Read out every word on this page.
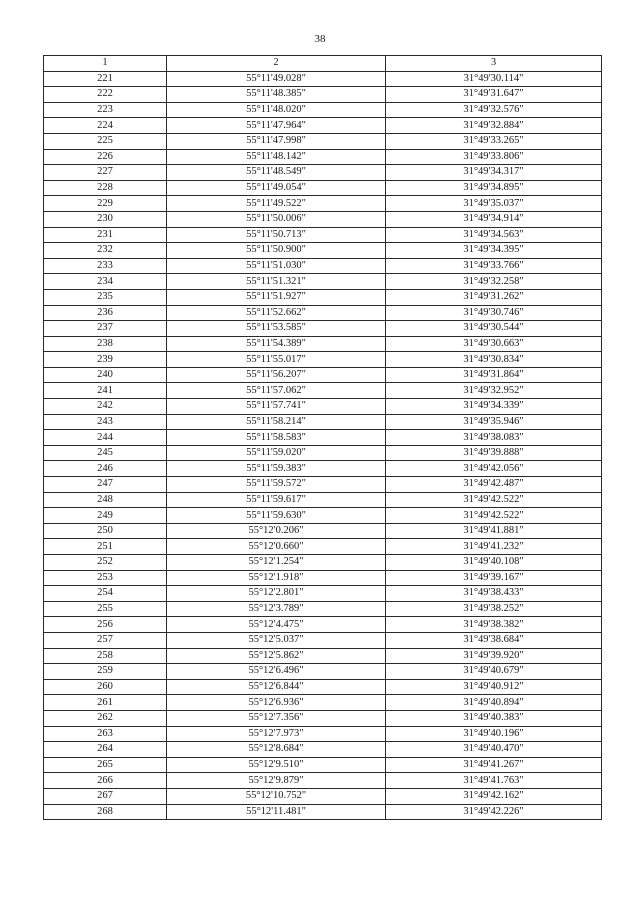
38
1	2	3
221	55°11'49.028"	31°49'30.114"
222	55°11'48.385"	31°49'31.647"
223	55°11'48.020"	31°49'32.576"
224	55°11'47.964"	31°49'32.884"
225	55°11'47.998"	31°49'33.265"
226	55°11'48.142"	31°49'33.806"
227	55°11'48.549"	31°49'34.317"
228	55°11'49.054"	31°49'34.895"
229	55°11'49.522"	31°49'35.037"
230	55°11'50.006"	31°49'34.914"
231	55°11'50.713"	31°49'34.563"
232	55°11'50.900"	31°49'34.395"
233	55°11'51.030"	31°49'33.766"
234	55°11'51.321"	31°49'32.258"
235	55°11'51.927"	31°49'31.262"
236	55°11'52.662"	31°49'30.746"
237	55°11'53.585"	31°49'30.544"
238	55°11'54.389"	31°49'30.663"
239	55°11'55.017"	31°49'30.834"
240	55°11'56.207"	31°49'31.864"
241	55°11'57.062"	31°49'32.952"
242	55°11'57.741"	31°49'34.339"
243	55°11'58.214"	31°49'35.946"
244	55°11'58.583"	31°49'38.083"
245	55°11'59.020"	31°49'39.888"
246	55°11'59.383"	31°49'42.056"
247	55°11'59.572"	31°49'42.487"
248	55°11'59.617"	31°49'42.522"
249	55°11'59.630"	31°49'42.522"
250	55°12'0.206"	31°49'41.881"
251	55°12'0.660"	31°49'41.232"
252	55°12'1.254"	31°49'40.108"
253	55°12'1.918"	31°49'39.167"
254	55°12'2.801"	31°49'38.433"
255	55°12'3.789"	31°49'38.252"
256	55°12'4.475"	31°49'38.382"
257	55°12'5.037"	31°49'38.684"
258	55°12'5.862"	31°49'39.920"
259	55°12'6.496"	31°49'40.679"
260	55°12'6.844"	31°49'40.912"
261	55°12'6.936"	31°49'40.894"
262	55°12'7.356"	31°49'40.383"
263	55°12'7.973"	31°49'40.196"
264	55°12'8.684"	31°49'40.470"
265	55°12'9.510"	31°49'41.267"
266	55°12'9.879"	31°49'41.763"
267	55°12'10.752"	31°49'42.162"
268	55°12'11.481"	31°49'42.226"
